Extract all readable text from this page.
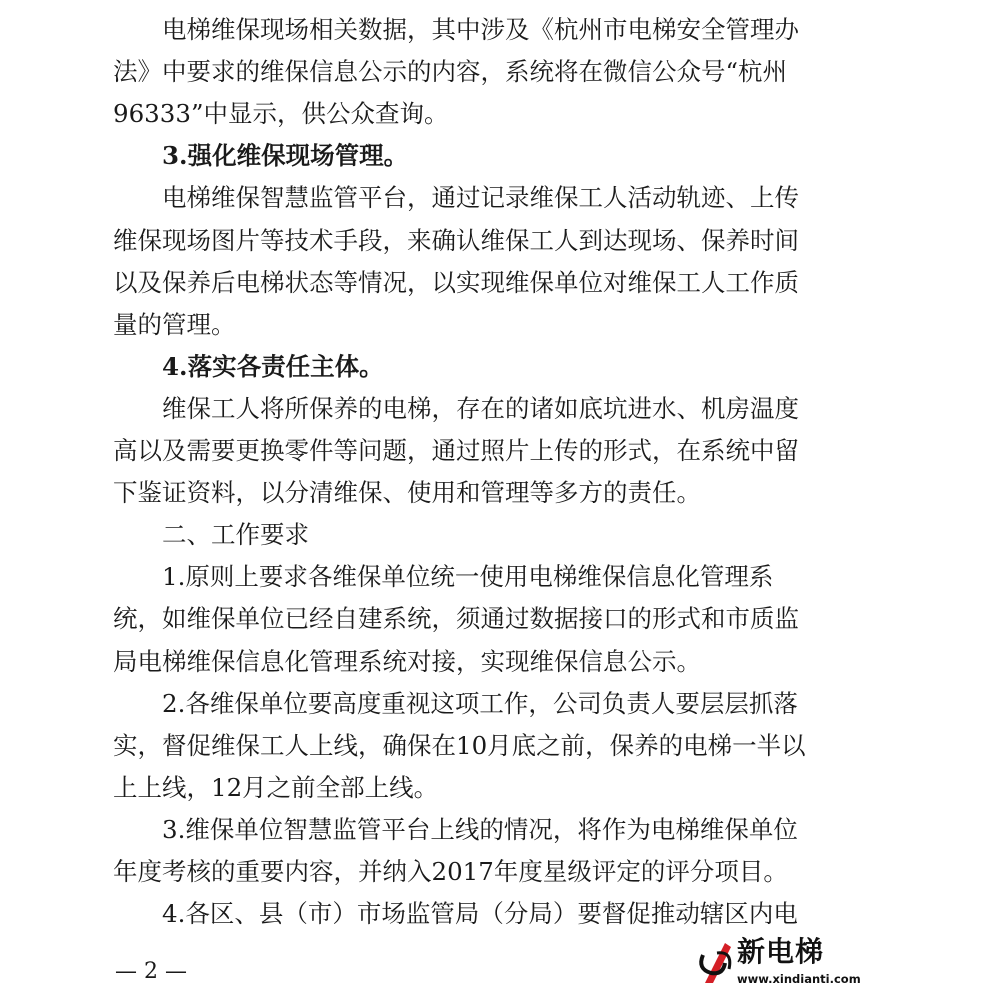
电梯维保现场相关数据，其中涉及《杭州市电梯安全管理办

法》中要求的维保信息公示的内容，系统将在微信公众号“杭州

96333”中显示，供公众查询。

3.强化维保现场管理。

电梯维保智慧监管平台，通过记录维保工人活动轨迹、上传

维保现场图片等技术手段，来确认维保工人到达现场、保养时间

以及保养后电梯状态等情况，以实现维保单位对维保工人工作质

量的管理。

4.落实各责任主体。

维保工人将所保养的电梯，存在的诸如底坑进水、机房温度

高以及需要更换零件等问题，通过照片上传的形式，在系统中留

下鉴证资料，以分清维保、使用和管理等多方的责任。

二、工作要求

1.原则上要求各维保单位统一使用电梯维保信息化管理系

统，如维保单位已经自建系统，须通过数据接口的形式和市质监

局电梯维保信息化管理系统对接，实现维保信息公示。

2.各维保单位要高度重视这项工作，公司负责人要层层抓落

实，督促维保工人上线，确保在10月底之前，保养的电梯一半以

上上线，12月之前全部上线。

3.维保单位智慧监管平台上线的情况，将作为电梯维保单位

年度考核的重要内容，并纳入2017年度星级评定的评分项目。

4.各区、县（市）市场监管局（分局）要督促推动辖区内电

— 2 —

新电梯
www.xindianti.com
